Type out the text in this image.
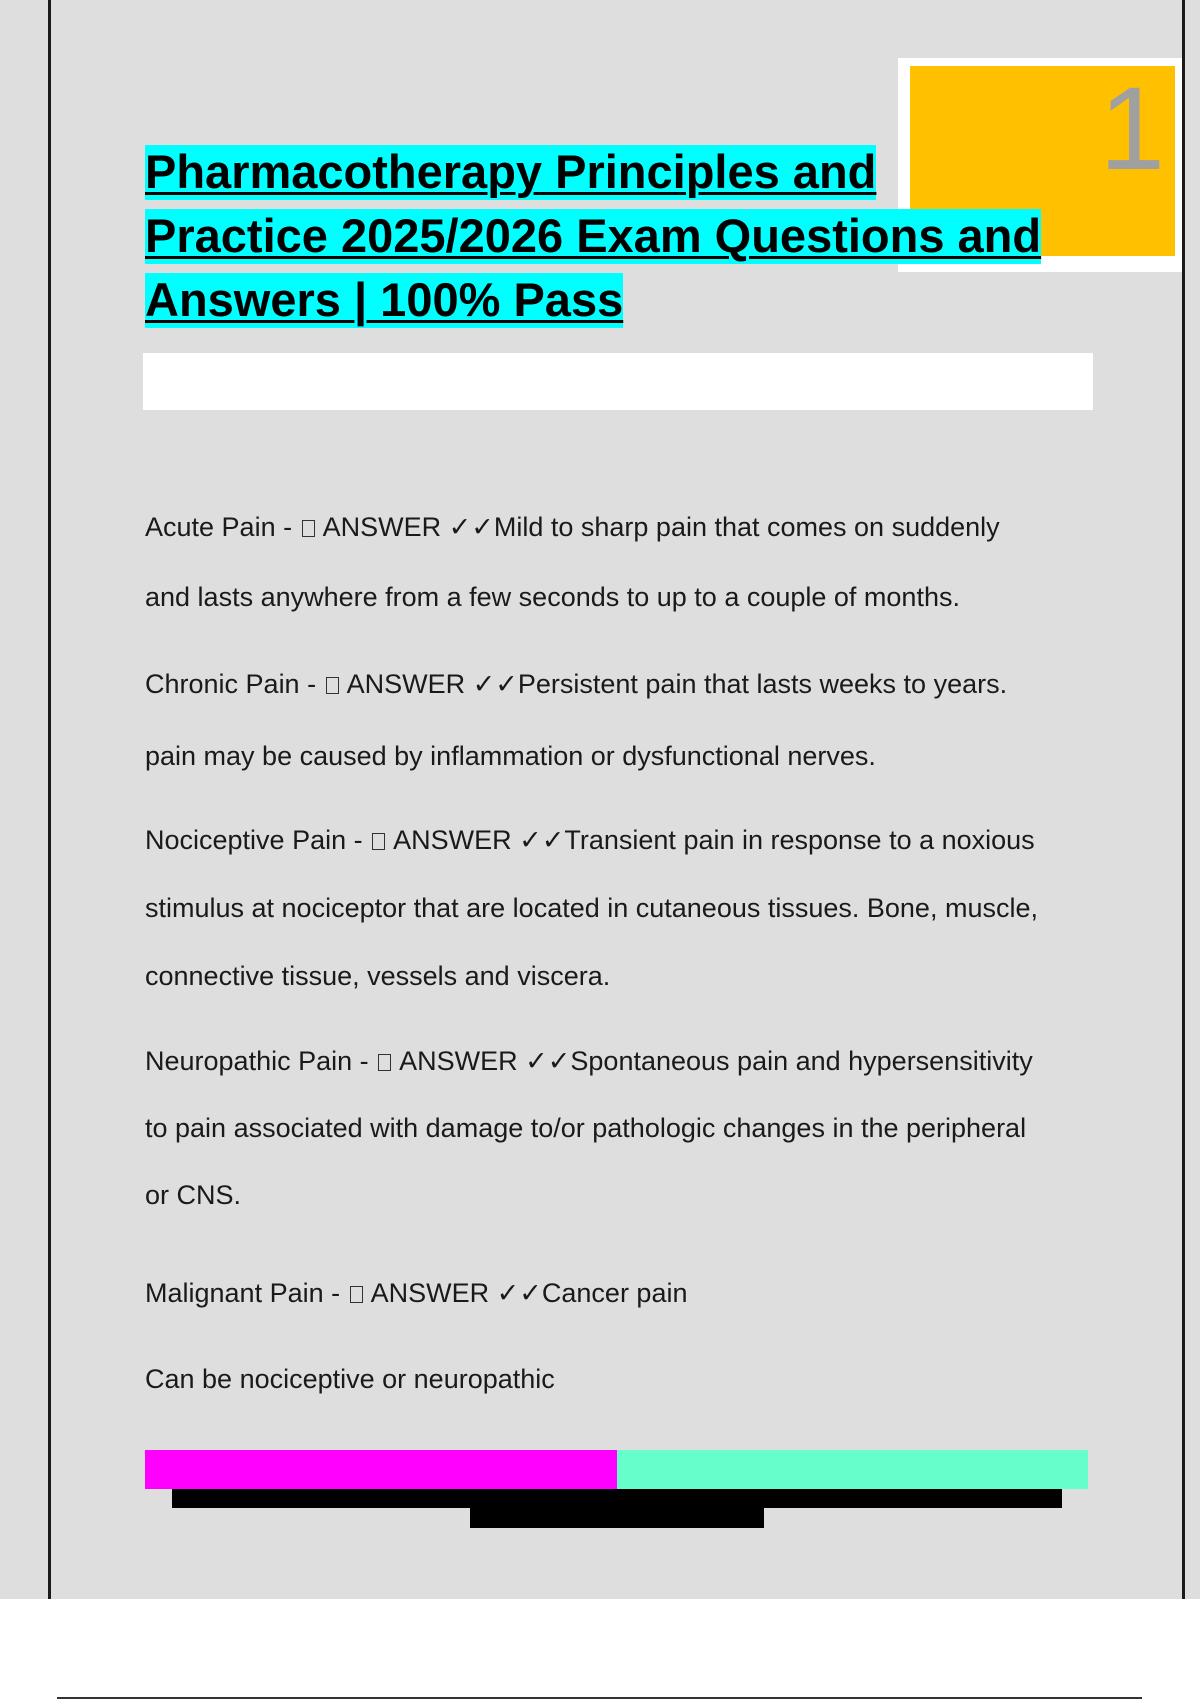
1
Pharmacotherapy Principles and
Practice 2025/2026 Exam Questions and
Answers | 100% Pass

Acute Pain -  ANSWER ✓✓Mild to sharp pain that comes on suddenly
and lasts anywhere from a few seconds to up to a couple of months.

Chronic Pain -  ANSWER ✓✓Persistent pain that lasts weeks to years.
pain may be caused by inflammation or dysfunctional nerves.

Nociceptive Pain -  ANSWER ✓✓Transient pain in response to a noxious
stimulus at nociceptor that are located in cutaneous tissues. Bone, muscle,
connective tissue, vessels and viscera.

Neuropathic Pain -  ANSWER ✓✓Spontaneous pain and hypersensitivity
to pain associated with damage to/or pathologic changes in the peripheral
or CNS.

Malignant Pain -  ANSWER ✓✓Cancer pain
Can be nociceptive or neuropathic
